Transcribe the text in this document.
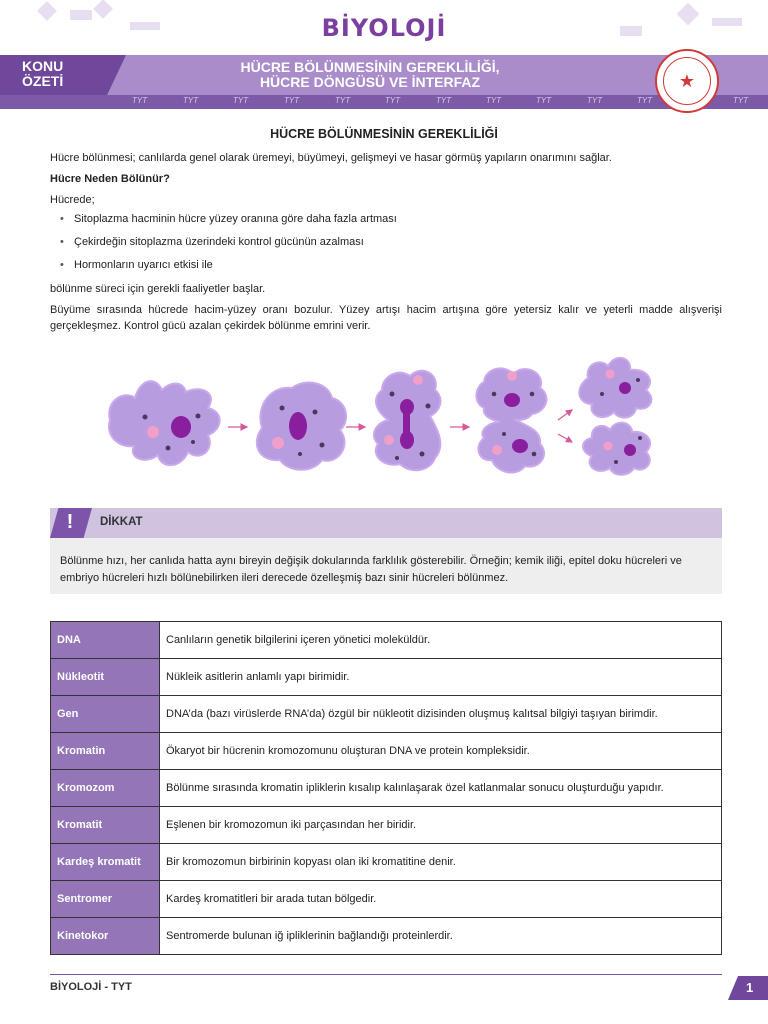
BİYOLOJİ
KONU
ÖZETİ
HÜCRE BÖLÜNMESİNİN GEREKLİLİĞİ,
HÜCRE DÖNGÜSÜ VE İNTERFAZ
TYT	TYT	TYT	TYT	TYT	TYT	TYT	TYT	TYT	TYT	TYT	TYT
★
HÜCRE BÖLÜNMESİNİN GEREKLİLİĞİ
Hücre bölünmesi; canlılarda genel olarak üremeyi, büyümeyi, gelişmeyi ve hasar görmüş yapıların onarımını sağlar.
Hücre Neden Bölünür?
Hücrede;
• Sitoplazma hacminin hücre yüzey oranına göre daha fazla artması
• Çekirdeğin sitoplazma üzerindeki kontrol gücünün azalması
• Hormonların uyarıcı etkisi ile
bölünme süreci için gerekli faaliyetler başlar.
Büyüme sırasında hücrede hacim-yüzey oranı bozulur. Yüzey artışı hacim artışına göre yetersiz kalır ve yeterli madde alışverişi gerçekleşmez. Kontrol gücü azalan çekirdek bölünme emrini verir.
!	DİKKAT
Bölünme hızı, her canlıda hatta aynı bireyin değişik dokularında farklılık gösterebilir. Örneğin; kemik iliği, epitel doku hücreleri ve embriyo hücreleri hızlı bölünebilirken ileri derecede özelleşmiş bazı sinir hücreleri bölünmez.
DNA	Canlıların genetik bilgilerini içeren yönetici moleküldür.
Nükleotit	Nükleik asitlerin anlamlı yapı birimidir.
Gen	DNA’da (bazı virüslerde RNA’da) özgül bir nükleotit dizisinden oluşmuş kalıtsal bilgiyi taşıyan birimdir.
Kromatin	Ökaryot bir hücrenin kromozomunu oluşturan DNA ve protein kompleksidir.
Kromozom	Bölünme sırasında kromatin ipliklerin kısalıp kalınlaşarak özel katlanmalar sonucu oluşturduğu yapıdır.
Kromatit	Eşlenen bir kromozomun iki parçasından her biridir.
Kardeş kromatit	Bir kromozomun birbirinin kopyası olan iki kromatitine denir.
Sentromer	Kardeş kromatitleri bir arada tutan bölgedir.
Kinetokor	Sentromerde bulunan iğ ipliklerinin bağlandığı proteinlerdir.
BİYOLOJİ - TYT	1
